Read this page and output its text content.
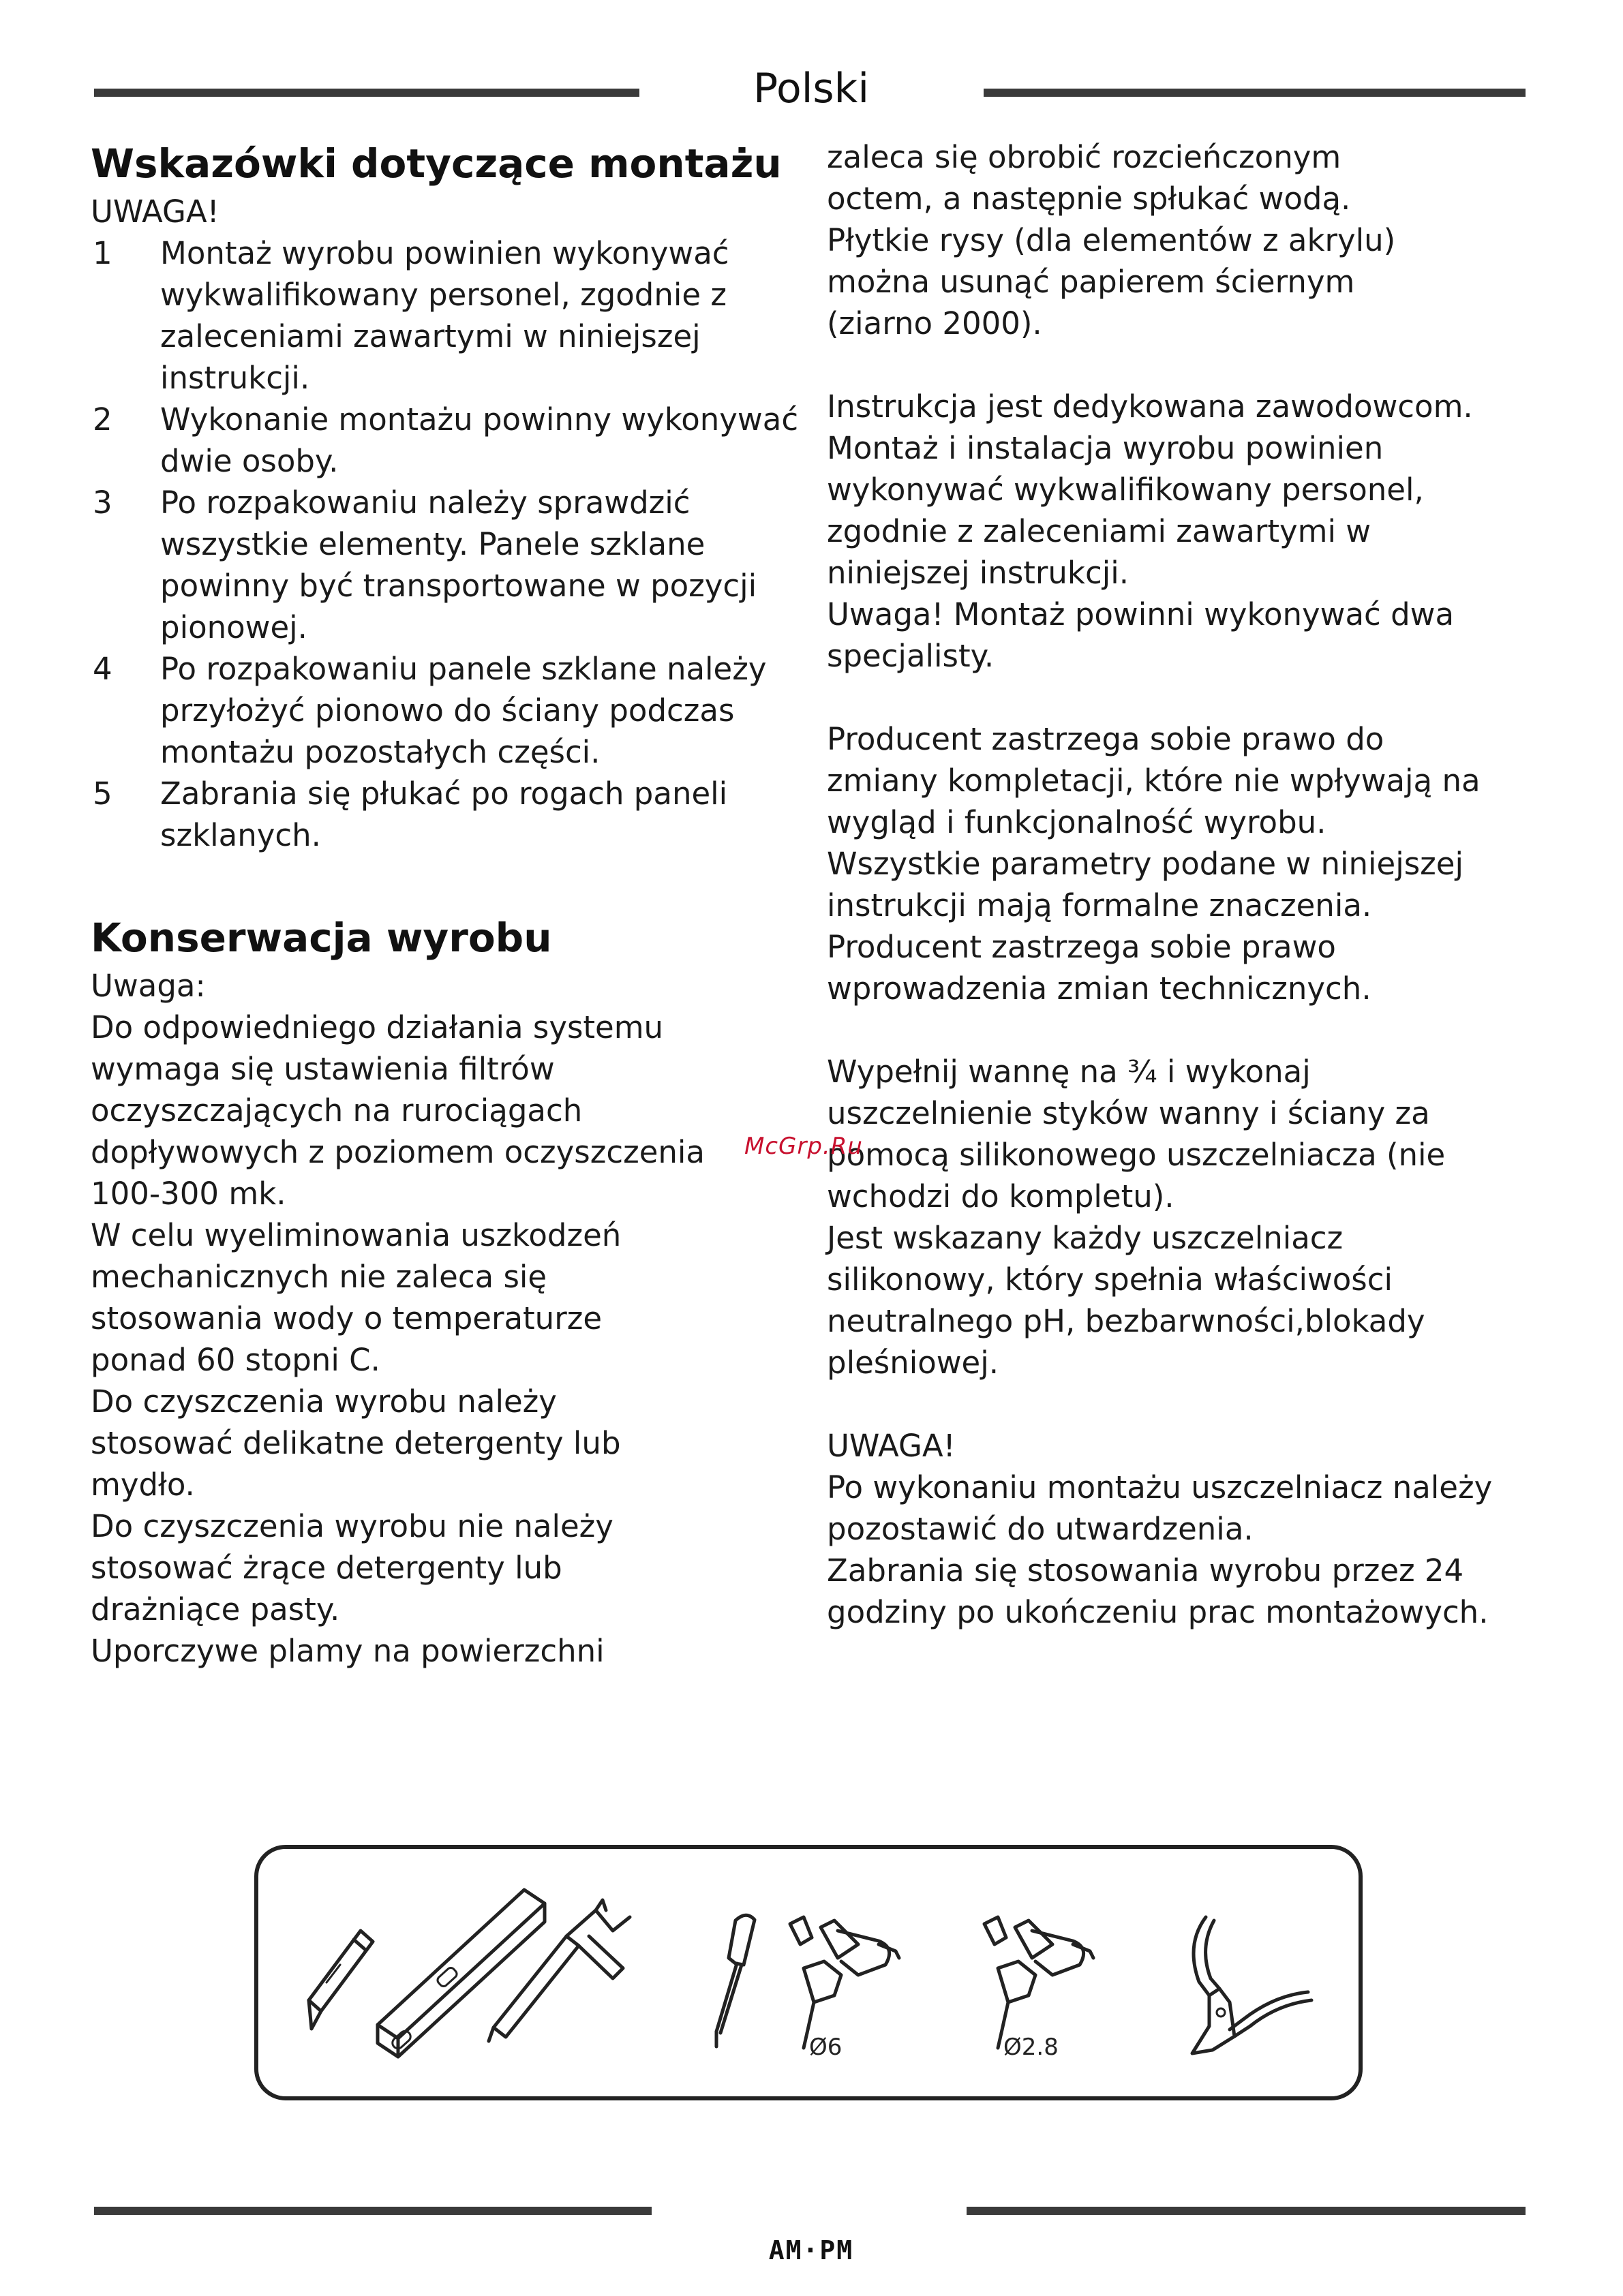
Polski
Wskazówki dotyczące montażu
UWAGA!
1 Montaż wyrobu powinien wykonywać wykwalifikowany personel, zgodnie z zaleceniami zawartymi w niniejszej instrukcji.
2 Wykonanie montażu powinny wykonywać dwie osoby.
3 Po rozpakowaniu należy sprawdzić wszystkie elementy. Panele szklane powinny być transportowane w pozycji pionowej.
4 Po rozpakowaniu panele szklane należy przyłożyć pionowo do ściany podczas montażu pozostałych części.
5 Zabrania się płukać po rogach paneli szklanych.
Konserwacja wyrobu
Uwaga:
Do odpowiedniego działania systemu
wymaga się ustawienia filtrów
oczyszczających na rurociągach
dopływowych z poziomem oczyszczenia
100-300 mk.
W celu wyeliminowania uszkodzeń
mechanicznych nie zaleca się
stosowania wody o temperaturze
ponad 60 stopni C.
Do czyszczenia wyrobu należy
stosować delikatne detergenty lub
mydło.
Do czyszczenia wyrobu nie należy
stosować żrące detergenty lub
drażniące pasty.
Uporczywe plamy na powierzchni
zaleca się obrobić rozcieńczonym
octem, a następnie spłukać wodą.
Płytkie rysy (dla elementów z akrylu)
można usunąć papierem ściernym
(ziarno 2000).
Instrukcja jest dedykowana zawodowcom.
Montaż i instalacja wyrobu powinien
wykonywać wykwalifikowany personel,
zgodnie z zaleceniami zawartymi w
niniejszej instrukcji.
Uwaga! Montaż powinni wykonywać dwa
specjalisty.
Producent zastrzega sobie prawo do
zmiany kompletacji, które nie wpływają na
wygląd i funkcjonalność wyrobu.
Wszystkie parametry podane w niniejszej
instrukcji mają formalne znaczenia.
Producent zastrzega sobie prawo
wprowadzenia zmian technicznych.
Wypełnij wannę na ¾ i wykonaj
uszczelnienie styków wanny i ściany za
pomocą silikonowego uszczelniacza (nie
wchodzi do kompletu).
Jest wskazany każdy uszczelniacz
silikonowy, który spełnia właściwości
neutralnego pH, bezbarwności,blokady
pleśniowej.
UWAGA!
Po wykonaniu montażu uszczelniacz należy
pozostawić do utwardzenia.
Zabrania się stosowania wyrobu przez 24
godziny po ukończeniu prac montażowych.
McGrp.Ru
Ø6	Ø2.8
AM·PM
